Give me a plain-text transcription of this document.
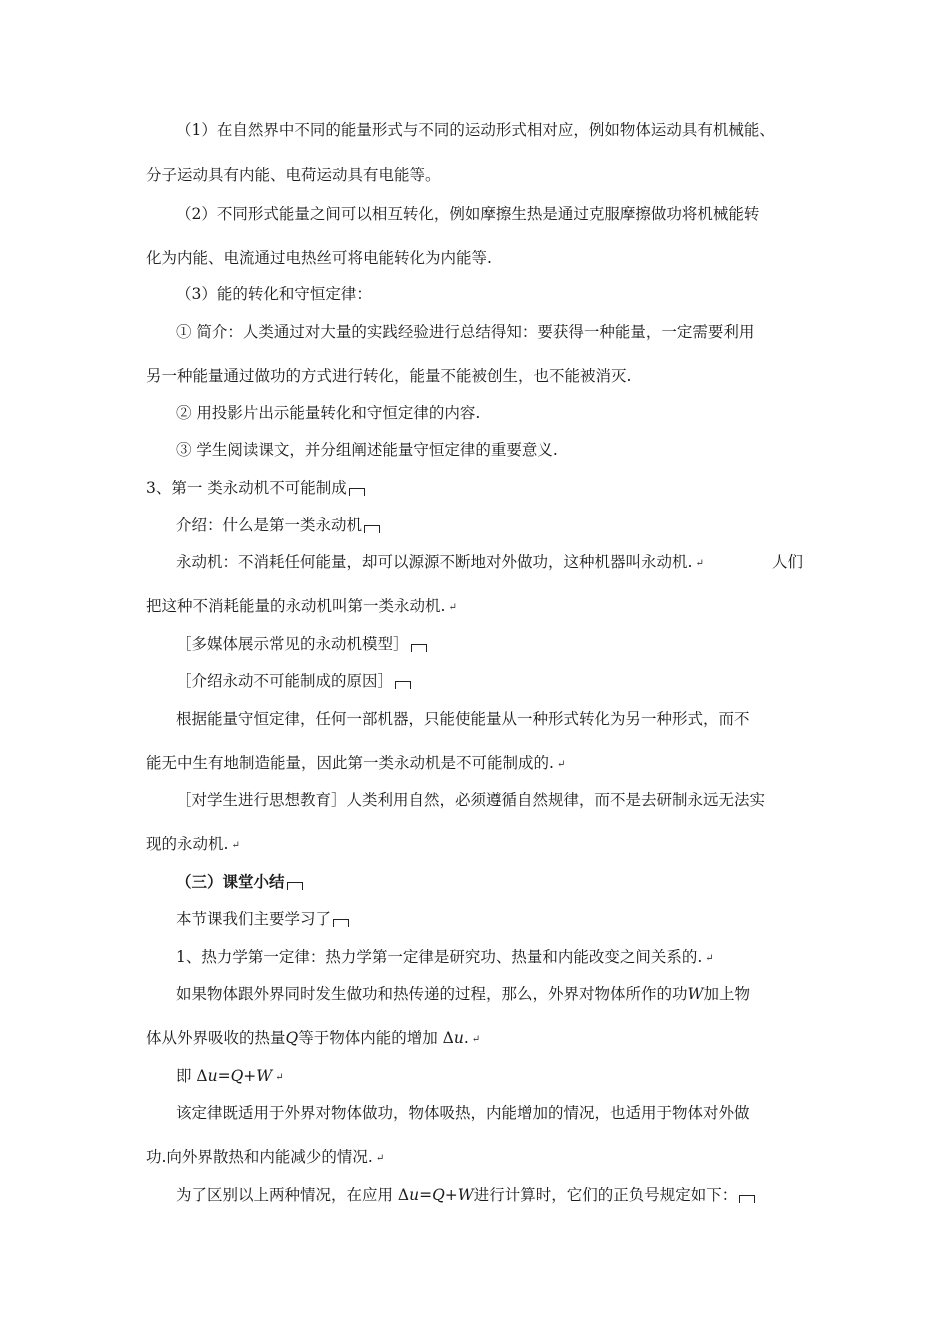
（1）在自然界中不同的能量形式与不同的运动形式相对应，例如物体运动具有机械能、
分子运动具有内能、电荷运动具有电能等。
（2）不同形式能量之间可以相互转化，例如摩擦生热是通过克服摩擦做功将机械能转
化为内能、电流通过电热丝可将电能转化为内能等.
（3）能的转化和守恒定律：
① 简介：人类通过对大量的实践经验进行总结得知：要获得一种能量，一定需要利用
另一种能量通过做功的方式进行转化，能量不能被创生，也不能被消灭.
② 用投影片出示能量转化和守恒定律的内容.
③ 学生阅读课文，并分组阐述能量守恒定律的重要意义.
3、第一 类永动机不可能制成
介绍：什么是第一类永动机
永动机：不消耗任何能量，却可以源源不断地对外做功，这种机器叫永动机. ↵	人们
把这种不消耗能量的永动机叫第一类永动机. ↵
［多媒体展示常见的永动机模型］
［介绍永动不可能制成的原因］
根据能量守恒定律，任何一部机器，只能使能量从一种形式转化为另一种形式，而不
能无中生有地制造能量，因此第一类永动机是不可能制成的. ↵
［对学生进行思想教育］人类利用自然，必须遵循自然规律，而不是去研制永远无法实
现的永动机. ↵
（三）课堂小结
本节课我们主要学习了
1、热力学第一定律：热力学第一定律是研究功、热量和内能改变之间关系的. ↵
如果物体跟外界同时发生做功和热传递的过程，那么，外界对物体所作的功W加上物
体从外界吸收的热量Q等于物体内能的增加 Δu. ↵
即 Δu=Q+W ↵
该定律既适用于外界对物体做功，物体吸热，内能增加的情况，也适用于物体对外做
功.向外界散热和内能减少的情况. ↵
为了区别以上两种情况，在应用 Δu=Q+W进行计算时，它们的正负号规定如下：
